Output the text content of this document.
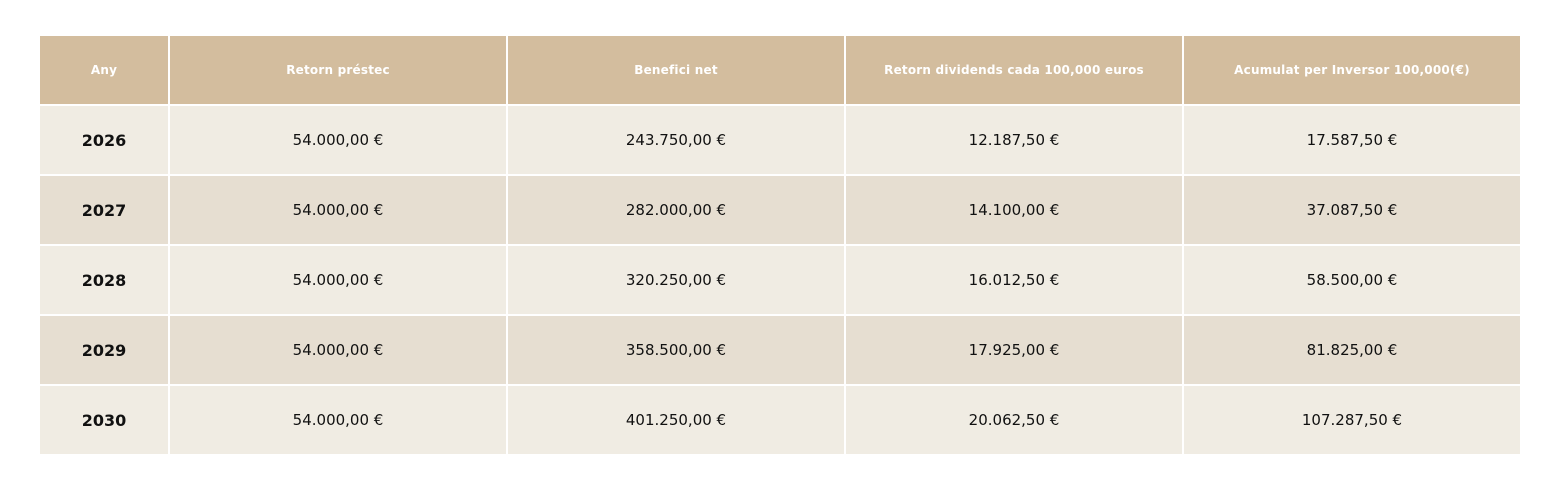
Any	Retorn préstec	Benefici net	Retorn dividends cada 100,000 euros	Acumulat per Inversor 100,000(€)
2026	54.000,00 €	243.750,00 €	12.187,50 €	17.587,50 €
2027	54.000,00 €	282.000,00 €	14.100,00 €	37.087,50 €
2028	54.000,00 €	320.250,00 €	16.012,50 €	58.500,00 €
2029	54.000,00 €	358.500,00 €	17.925,00 €	81.825,00 €
2030	54.000,00 €	401.250,00 €	20.062,50 €	107.287,50 €
